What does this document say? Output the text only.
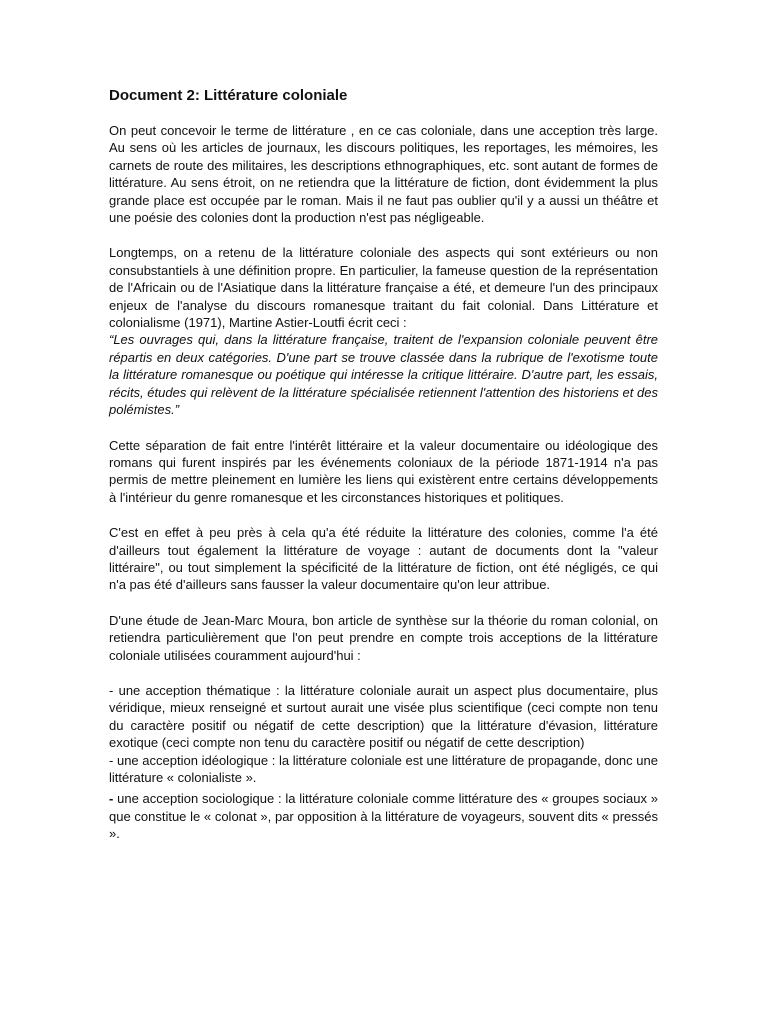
Document 2: Littérature coloniale

On peut concevoir le terme de littérature , en ce cas coloniale, dans une acception très large. Au sens où les articles de journaux, les discours politiques, les reportages, les mémoires, les carnets de route des militaires, les descriptions ethnographiques, etc. sont autant de formes de littérature. Au sens étroit, on ne retiendra que la littérature de fiction, dont évidemment la plus grande place est occupée par le roman. Mais il ne faut pas oublier qu'il y a aussi un théâtre et une poésie des colonies dont la production n'est pas négligeable.

Longtemps, on a retenu de la littérature coloniale des aspects qui sont extérieurs ou non consubstantiels à une définition propre. En particulier, la fameuse question de la représentation de l'Africain ou de l'Asiatique dans la littérature française a été, et demeure l'un des principaux enjeux de l'analyse du discours romanesque traitant du fait colonial. Dans Littérature et colonialisme (1971), Martine Astier-Loutfi écrit ceci :

“Les ouvrages qui, dans la littérature française, traitent de l'expansion coloniale peuvent être répartis en deux catégories. D'une part se trouve classée dans la rubrique de l'exotisme toute la littérature romanesque ou poétique qui intéresse la critique littéraire. D'autre part, les essais, récits, études qui relèvent de la littérature spécialisée retiennent l'attention des historiens et des polémistes.”

Cette séparation de fait entre l'intérêt littéraire et la valeur documentaire ou idéologique des romans qui furent inspirés par les événements coloniaux de la période 1871-1914 n'a pas permis de mettre pleinement en lumière les liens qui existèrent entre certains développements à l'intérieur du genre romanesque et les circonstances historiques et politiques.

C'est en effet à peu près à cela qu'a été réduite la littérature des colonies, comme l'a été d'ailleurs tout également la littérature de voyage : autant de documents dont la "valeur littéraire", ou tout simplement la spécificité de la littérature de fiction, ont été négligés, ce qui n'a pas été d'ailleurs sans fausser la valeur documentaire qu'on leur attribue.

D'une étude de Jean-Marc Moura, bon article de synthèse sur la théorie du roman colonial, on retiendra particulièrement que l'on peut prendre en compte trois acceptions de la littérature coloniale utilisées couramment aujourd'hui :

- une acception thématique : la littérature coloniale aurait un aspect plus documentaire, plus véridique, mieux renseigné et surtout aurait une visée plus scientifique (ceci compte non tenu du caractère positif ou négatif de cette description) que la littérature d'évasion, littérature exotique (ceci compte non tenu du caractère positif ou négatif de cette description)

- une acception idéologique : la littérature coloniale est une littérature de propagande, donc une littérature « colonialiste ».

- une acception sociologique : la littérature coloniale comme littérature des « groupes sociaux » que constitue le « colonat », par opposition à la littérature de voyageurs, souvent dits « pressés ».
